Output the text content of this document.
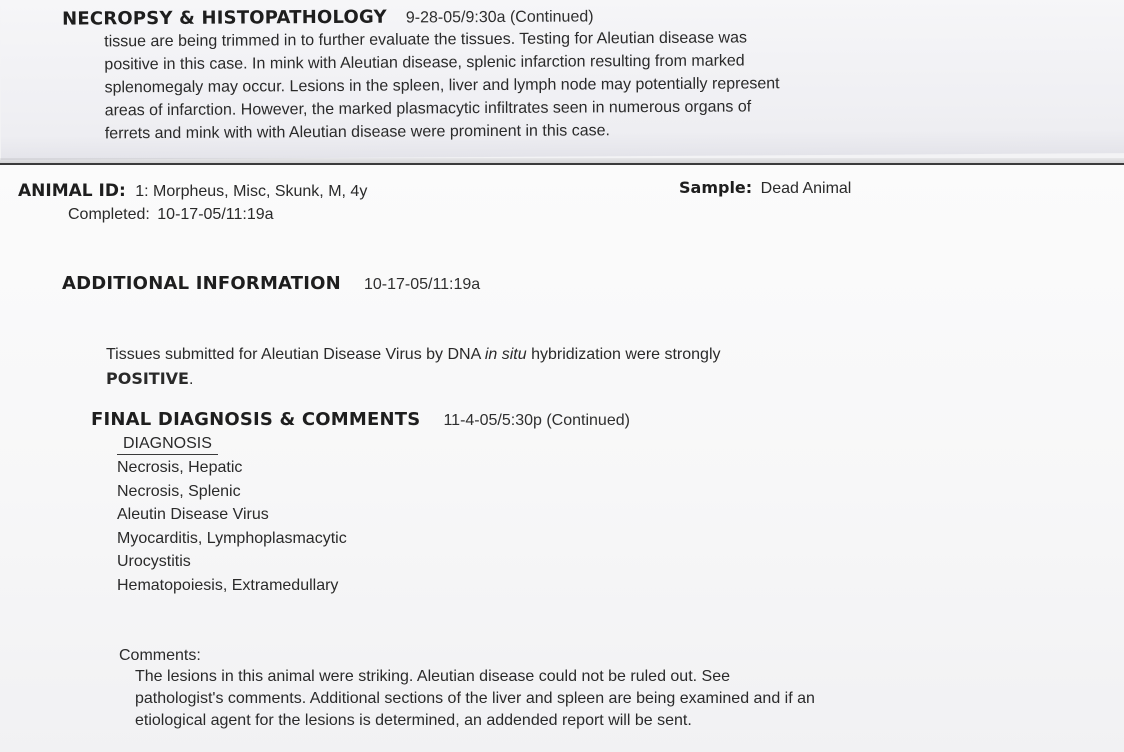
NECROPSY & HISTOPATHOLOGY 9-28-05/9:30a (Continued)
tissue are being trimmed in to further evaluate the tissues. Testing for Aleutian disease was
positive in this case. In mink with Aleutian disease, splenic infarction resulting from marked
splenomegaly may occur. Lesions in the spleen, liver and lymph node may potentially represent
areas of infarction. However, the marked plasmacytic infiltrates seen in numerous organs of
ferrets and mink with with Aleutian disease were prominent in this case.
ANIMAL ID: 1: Morpheus, Misc, Skunk, M, 4y	Sample: Dead Animal
Completed: 10-17-05/11:19a
ADDITIONAL INFORMATION 10-17-05/11:19a
Tissues submitted for Aleutian Disease Virus by DNA in situ hybridization were strongly
POSITIVE.
FINAL DIAGNOSIS & COMMENTS 11-4-05/5:30p (Continued)
DIAGNOSIS
Necrosis, Hepatic
Necrosis, Splenic
Aleutin Disease Virus
Myocarditis, Lymphoplasmacytic
Urocystitis
Hematopoiesis, Extramedullary
Comments:
The lesions in this animal were striking. Aleutian disease could not be ruled out. See
pathologist's comments. Additional sections of the liver and spleen are being examined and if an
etiological agent for the lesions is determined, an addended report will be sent.
